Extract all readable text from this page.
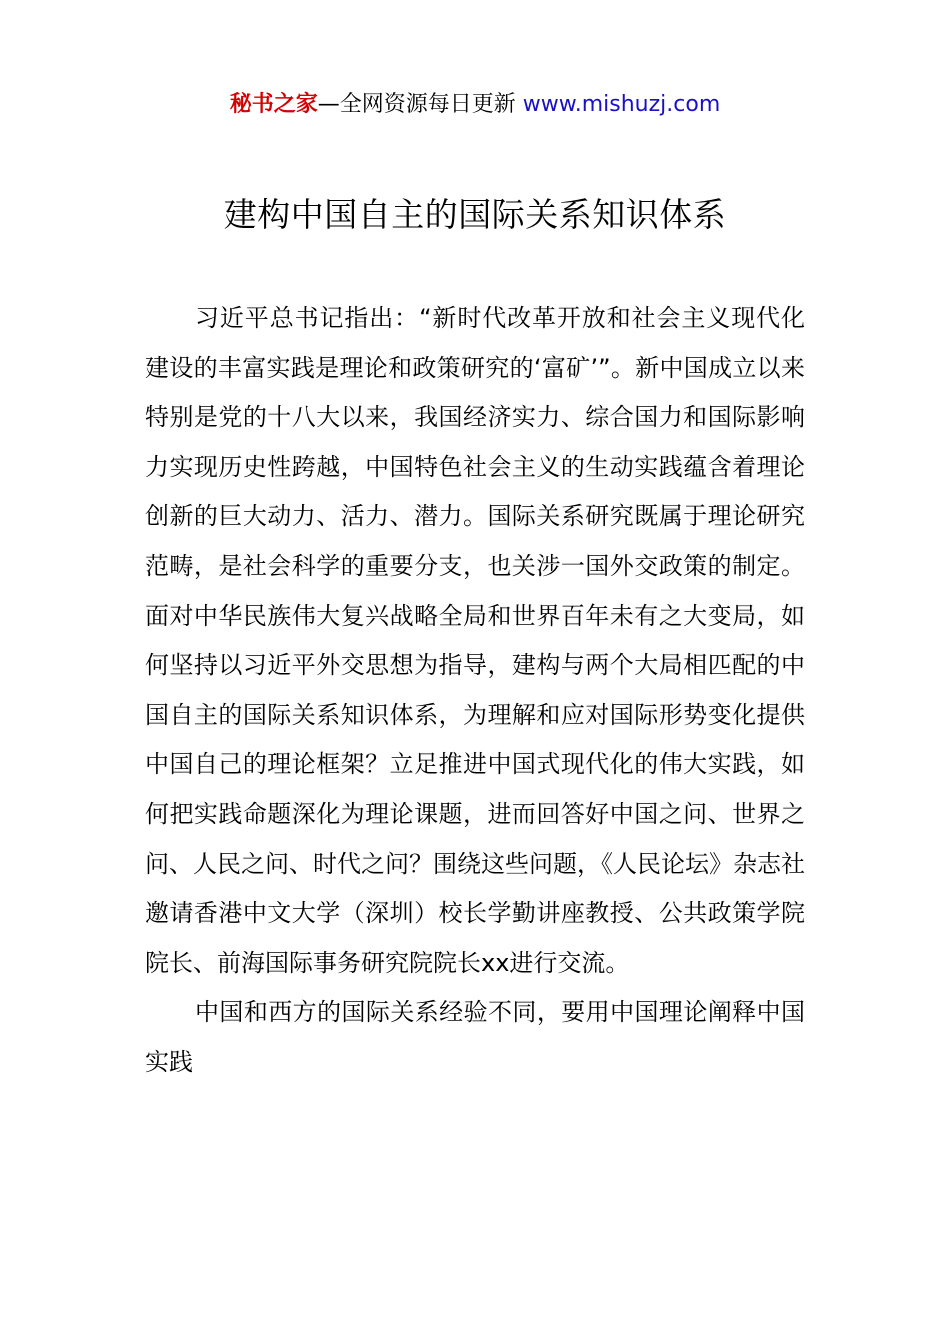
秘书之家—全网资源每日更新 www.mishuzj.com
建构中国自主的国际关系知识体系

习近平总书记指出：“新时代改革开放和社会主义现代化建设的丰富实践是理论和政策研究的‘富矿’”。新中国成立以来特别是党的十八大以来，我国经济实力、综合国力和国际影响力实现历史性跨越，中国特色社会主义的生动实践蕴含着理论创新的巨大动力、活力、潜力。国际关系研究既属于理论研究范畴，是社会科学的重要分支，也关涉一国外交政策的制定。面对中华民族伟大复兴战略全局和世界百年未有之大变局，如何坚持以习近平外交思想为指导，建构与两个大局相匹配的中国自主的国际关系知识体系，为理解和应对国际形势变化提供中国自己的理论框架？立足推进中国式现代化的伟大实践，如何把实践命题深化为理论课题，进而回答好中国之问、世界之问、人民之问、时代之问？围绕这些问题，《人民论坛》杂志社邀请香港中文大学（深圳）校长学勤讲座教授、公共政策学院院长、前海国际事务研究院院长xx进行交流。

中国和西方的国际关系经验不同，要用中国理论阐释中国实践
